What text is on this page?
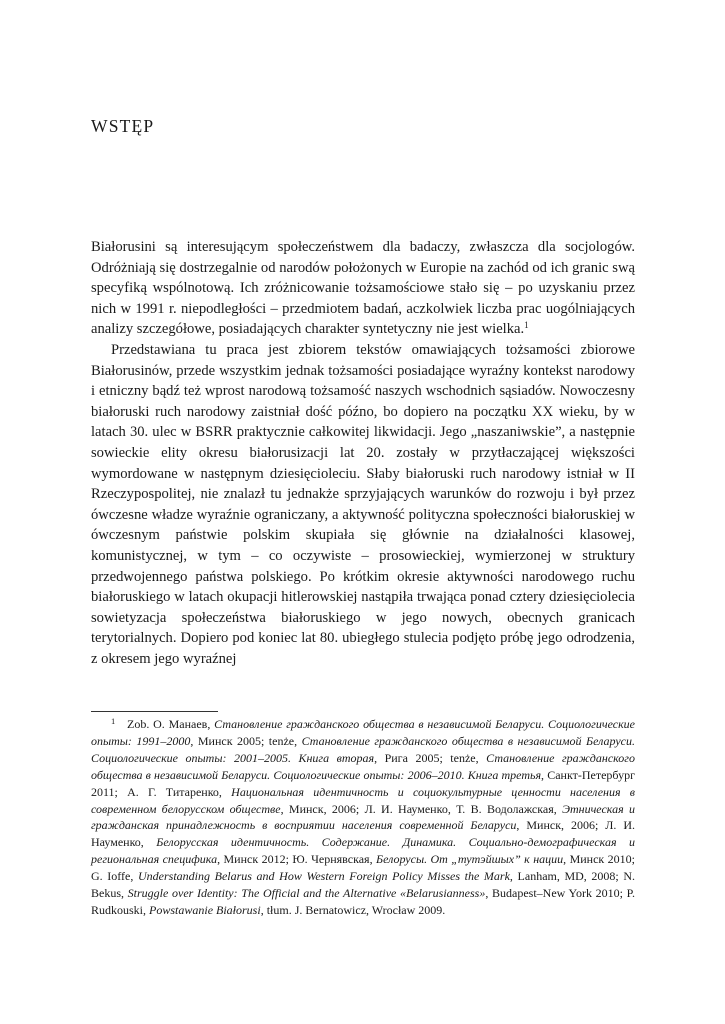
WSTĘP

Białorusini są interesującym społeczeństwem dla badaczy, zwłaszcza dla socjologów. Odróżniają się dostrzegalnie od narodów położonych w Europie na zachód od ich granic swą specyfiką wspólnotową. Ich zróżnicowanie tożsamościowe stało się – po uzyskaniu przez nich w 1991 r. niepodległości – przedmiotem badań, aczkolwiek liczba prac uogólniających analizy szczegółowe, posiadających charakter syntetyczny nie jest wielka.$^1$

Przedstawiana tu praca jest zbiorem tekstów omawiających tożsamości zbiorowe Białorusinów, przede wszystkim jednak tożsamości posiadające wyraźny kontekst narodowy i etniczny bądź też wprost narodową tożsamość naszych wschodnich sąsiadów. Nowoczesny białoruski ruch narodowy zaistniał dość późno, bo dopiero na początku XX wieku, by w latach 30. ulec w BSRR praktycznie całkowitej likwidacji. Jego „naszaniwskie”, a następnie sowieckie elity okresu białorusizacji lat 20. zostały w przytłaczającej większości wymordowane w następnym dziesięcioleciu. Słaby białoruski ruch narodowy istniał w II Rzeczypospolitej, nie znalazł tu jednakże sprzyjających warunków do rozwoju i był przez ówczesne władze wyraźnie ograniczany, a aktywność polityczna społeczności białoruskiej w ówczesnym państwie polskim skupiała się głównie na działalności klasowej, komunistycznej, w tym – co oczywiste – prosowieckiej, wymierzonej w struktury przedwojennego państwa polskiego. Po krótkim okresie aktywności narodowego ruchu białoruskiego w latach okupacji hitlerowskiej nastąpiła trwająca ponad cztery dziesięciolecia sowietyzacja społeczeństwa białoruskiego w jego nowych, obecnych granicach terytorialnych. Dopiero pod koniec lat 80. ubiegłego stulecia podjęto próbę jego odrodzenia, z okresem jego wyraźnej

1 Zob. О. Манаев, Становление гражданского общества в независимой Беларуси. Социологические опыты: 1991–2000, Минск 2005; tenże, Становление гражданского общества в независимой Беларуси. Социологические опыты: 2001–2005. Книга вторая, Рига 2005; tenże, Становление гражданского общества в независимой Беларуси. Социологические опыты: 2006–2010. Книга третья, Санкт-Петербург 2011; А. Г. Титаренко, Национальная идентичность и социокультурные ценности населения в современном белорусском обществе, Минск, 2006; Л. И. Науменко, Т. В. Водолажская, Этническая и гражданская принадлежность в восприятии населения современной Беларуси, Минск, 2006; Л. И. Науменко, Белорусская идентичность. Содержание. Динамика. Социально-демографическая и региональная специфика, Минск 2012; Ю. Чернявская, Белорусы. От „тутэйшых” к нации, Минск 2010; G. Ioffe, Understanding Belarus and How Western Foreign Policy Misses the Mark, Lanham, MD, 2008; N. Bekus, Struggle over Identity: The Official and the Alternative «Belarusianness», Budapest–New York 2010; P. Rudkouski, Powstawanie Białorusi, tłum. J. Bernatowicz, Wrocław 2009.
